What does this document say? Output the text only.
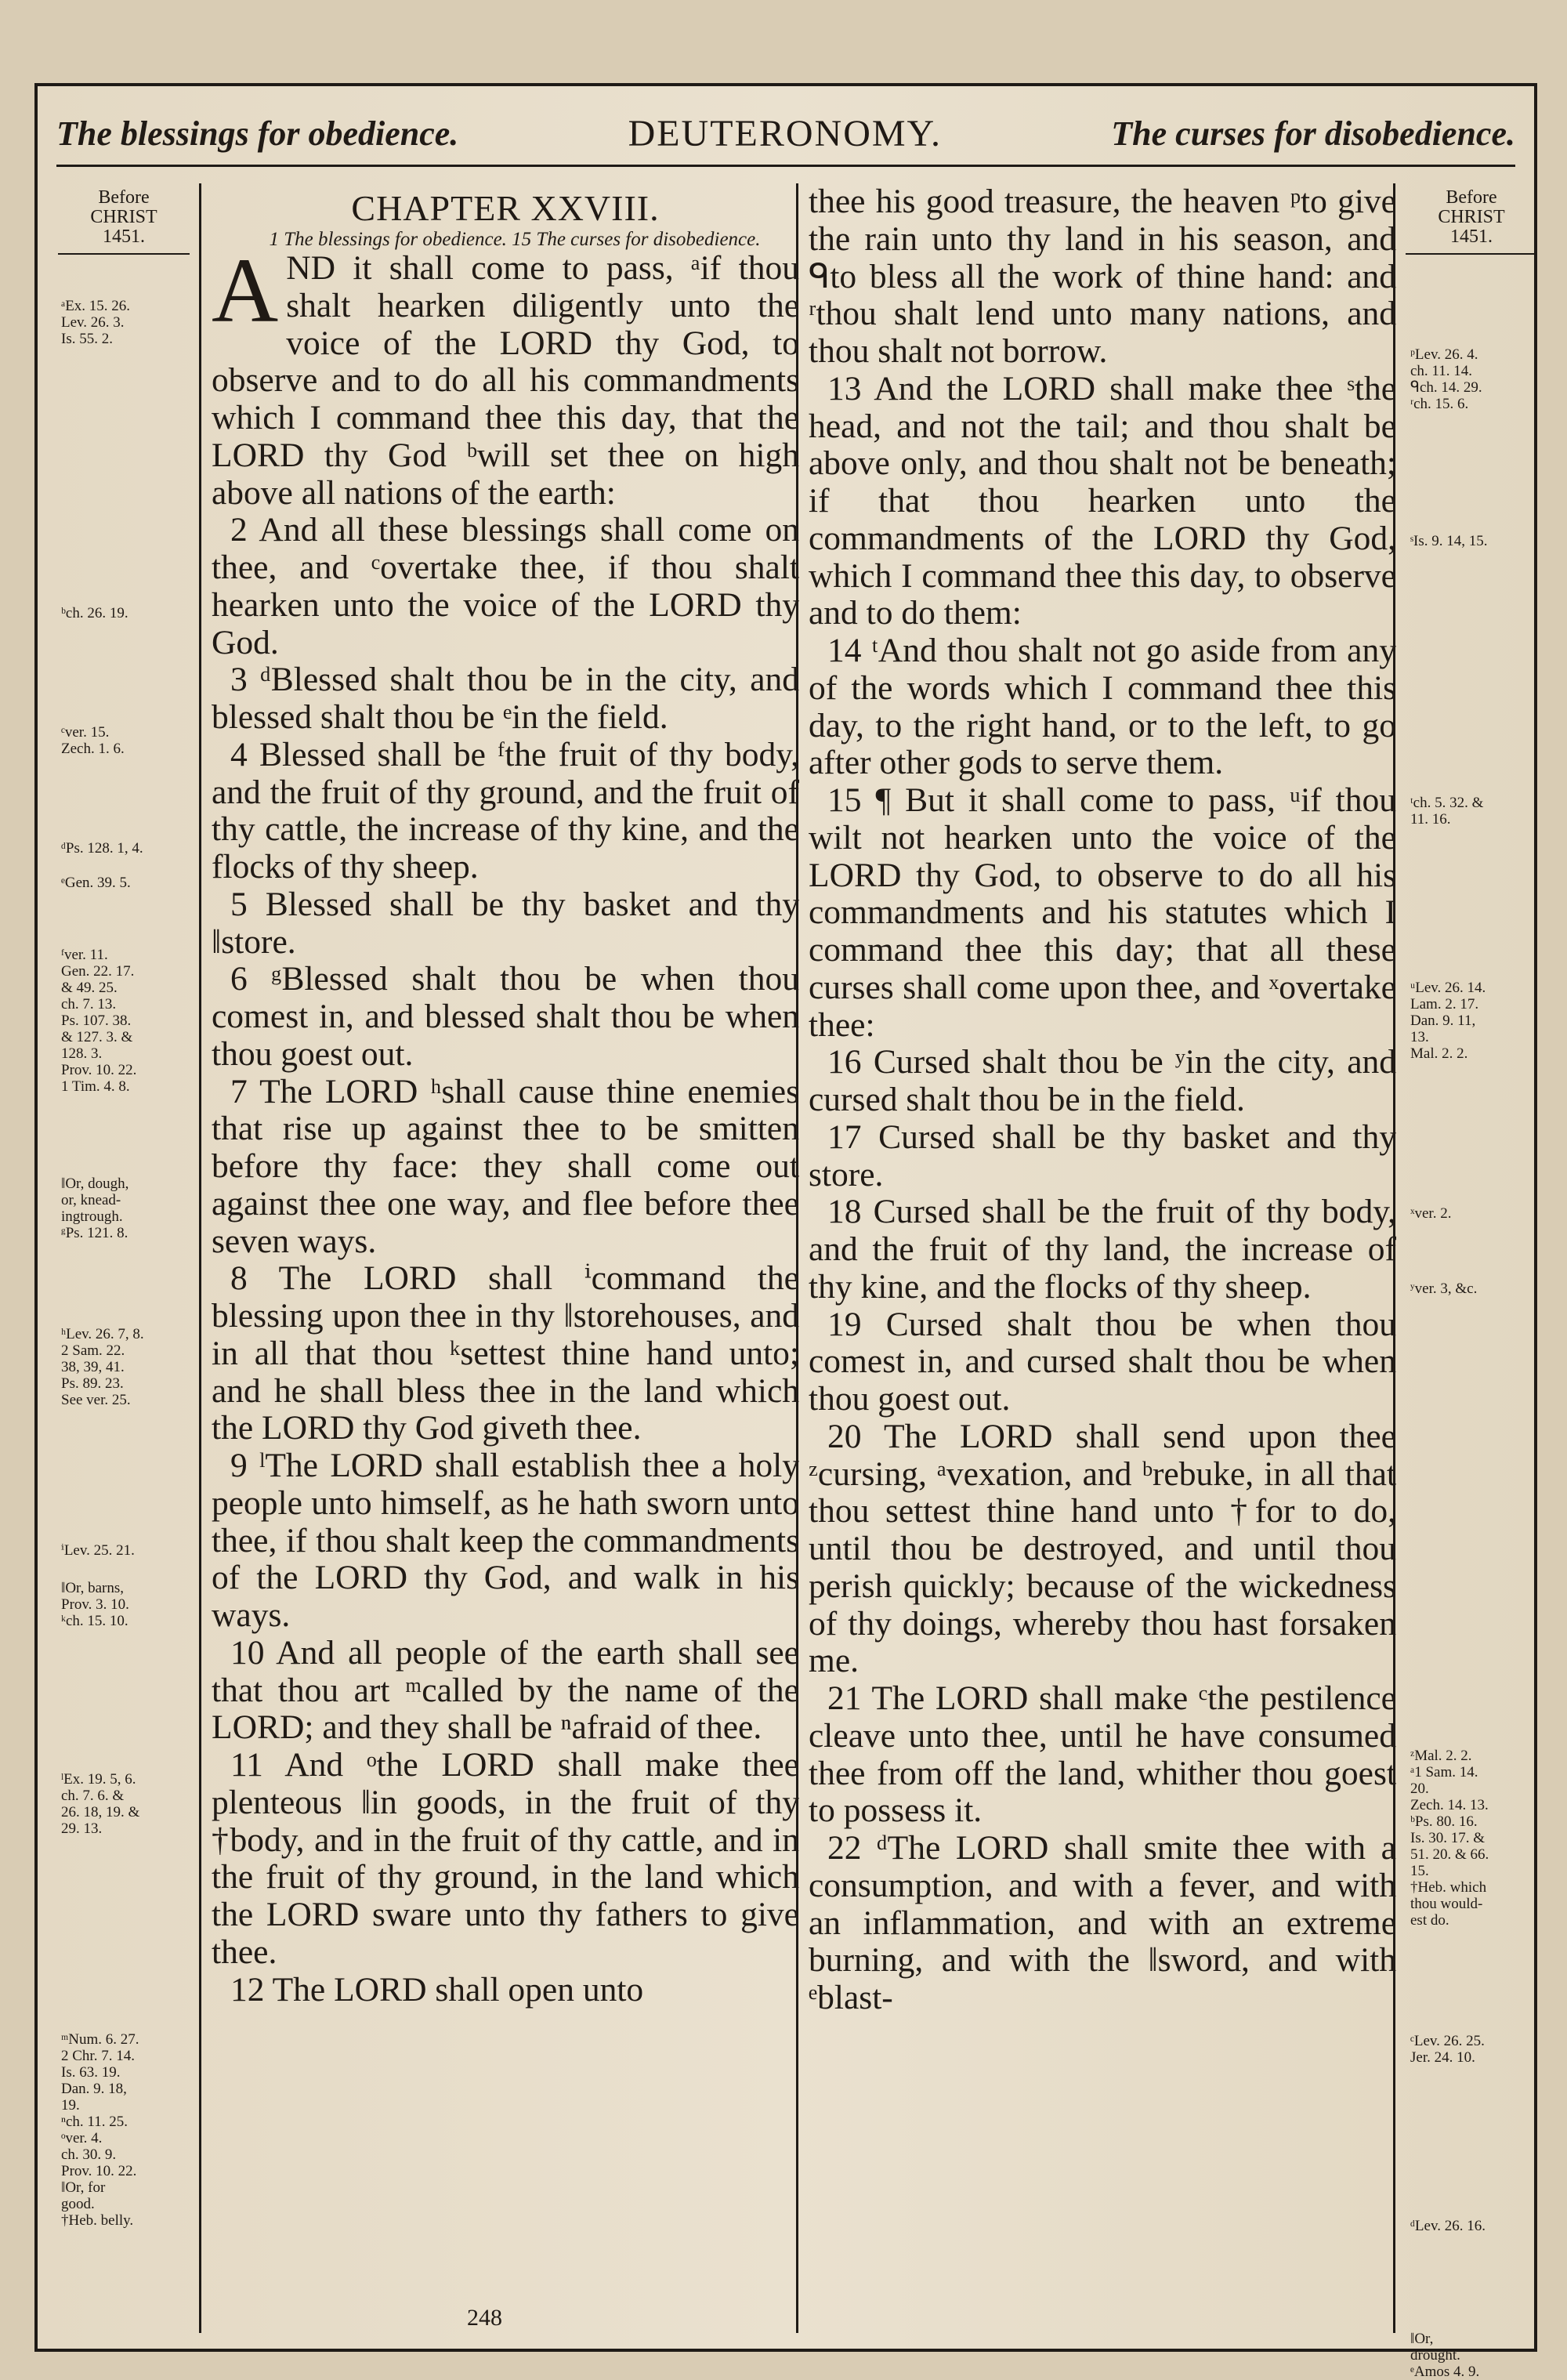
The blessings for obedience.	DEUTERONOMY.	The curses for disobedience.
Before
CHRIST
1451.
ᵃEx. 15. 26.
Lev. 26. 3.
Is. 55. 2.
ᵇch. 26. 19.
ᶜver. 15.
Zech. 1. 6.
ᵈPs. 128. 1, 4.
ᵉGen. 39. 5.
ᶠver. 11.
Gen. 22. 17.
& 49. 25.
ch. 7. 13.
Ps. 107. 38.
& 127. 3. &
128. 3.
Prov. 10. 22.
1 Tim. 4. 8.
‖Or, dough,
or, knead-
ingtrough.
ᵍPs. 121. 8.
ʰLev. 26. 7, 8.
2 Sam. 22.
38, 39, 41.
Ps. 89. 23.
See ver. 25.
ⁱLev. 25. 21.
‖Or, barns,
Prov. 3. 10.
ᵏch. 15. 10.
ˡEx. 19. 5, 6.
ch. 7. 6. &
26. 18, 19. &
29. 13.
ᵐNum. 6. 27.
2 Chr. 7. 14.
Is. 63. 19.
Dan. 9. 18,
19.
ⁿch. 11. 25.
ᵒver. 4.
ch. 30. 9.
Prov. 10. 22.
‖Or, for
good.
†Heb. belly.
CHAPTER XXVIII.

1 The blessings for obedience. 15 The curses for disobedience.

AND it shall come to pass, ᵃif thou shalt hearken diligently unto the voice of the LORD thy God, to observe and to do all his commandments which I command thee this day, that the LORD thy God ᵇwill set thee on high above all nations of the earth:

2 And all these blessings shall come on thee, and ᶜovertake thee, if thou shalt hearken unto the voice of the LORD thy God.

3 ᵈBlessed shalt thou be in the city, and blessed shalt thou be ᵉin the field.

4 Blessed shall be ᶠthe fruit of thy body, and the fruit of thy ground, and the fruit of thy cattle, the increase of thy kine, and the flocks of thy sheep.

5 Blessed shall be thy basket and thy ‖store.

6 ᵍBlessed shalt thou be when thou comest in, and blessed shalt thou be when thou goest out.

7 The LORD ʰshall cause thine enemies that rise up against thee to be smitten before thy face: they shall come out against thee one way, and flee before thee seven ways.

8 The LORD shall ⁱcommand the blessing upon thee in thy ‖storehouses, and in all that thou ᵏsettest thine hand unto; and he shall bless thee in the land which the LORD thy God giveth thee.

9 ˡThe LORD shall establish thee a holy people unto himself, as he hath sworn unto thee, if thou shalt keep the commandments of the LORD thy God, and walk in his ways.

10 And all people of the earth shall see that thou art ᵐcalled by the name of the LORD; and they shall be ⁿafraid of thee.

11 And ᵒthe LORD shall make thee plenteous ‖in goods, in the fruit of thy †body, and in the fruit of thy cattle, and in the fruit of thy ground, in the land which the LORD sware unto thy fathers to give thee.

12 The LORD shall open unto

thee his good treasure, the heaven ᵖto give the rain unto thy land in his season, and ᑫto bless all the work of thine hand: and ʳthou shalt lend unto many nations, and thou shalt not borrow.

13 And the LORD shall make thee ˢthe head, and not the tail; and thou shalt be above only, and thou shalt not be beneath; if that thou hearken unto the commandments of the LORD thy God, which I command thee this day, to observe and to do them:

14 ᵗAnd thou shalt not go aside from any of the words which I command thee this day, to the right hand, or to the left, to go after other gods to serve them.

15 ¶ But it shall come to pass, ᵘif thou wilt not hearken unto the voice of the LORD thy God, to observe to do all his commandments and his statutes which I command thee this day; that all these curses shall come upon thee, and ˣovertake thee:

16 Cursed shalt thou be ʸin the city, and cursed shalt thou be in the field.

17 Cursed shall be thy basket and thy store.

18 Cursed shall be the fruit of thy body, and the fruit of thy land, the increase of thy kine, and the flocks of thy sheep.

19 Cursed shalt thou be when thou comest in, and cursed shalt thou be when thou goest out.

20 The LORD shall send upon thee ᶻcursing, ᵃvexation, and ᵇrebuke, in all that thou settest thine hand unto †for to do, until thou be destroyed, and until thou perish quickly; because of the wickedness of thy doings, whereby thou hast forsaken me.

21 The LORD shall make ᶜthe pestilence cleave unto thee, until he have consumed thee from off the land, whither thou goest to possess it.

22 ᵈThe LORD shall smite thee with a consumption, and with a fever, and with an inflammation, and with an extreme burning, and with the ‖sword, and with ᵉblast-

Before
CHRIST
1451.
ᵖLev. 26. 4.
ch. 11. 14.
ᑫch. 14. 29.
ʳch. 15. 6.
ˢIs. 9. 14, 15.
ᵗch. 5. 32. &
11. 16.
ᵘLev. 26. 14.
Lam. 2. 17.
Dan. 9. 11,
13.
Mal. 2. 2.
ˣver. 2.
ʸver. 3, &c.
ᶻMal. 2. 2.
ᵃ1 Sam. 14.
20.
Zech. 14. 13.
ᵇPs. 80. 16.
Is. 30. 17. &
51. 20. & 66.
15.
†Heb. which
thou would-
est do.
ᶜLev. 26. 25.
Jer. 24. 10.
ᵈLev. 26. 16.
‖Or,
drought.
ᵉAmos 4. 9.
248
